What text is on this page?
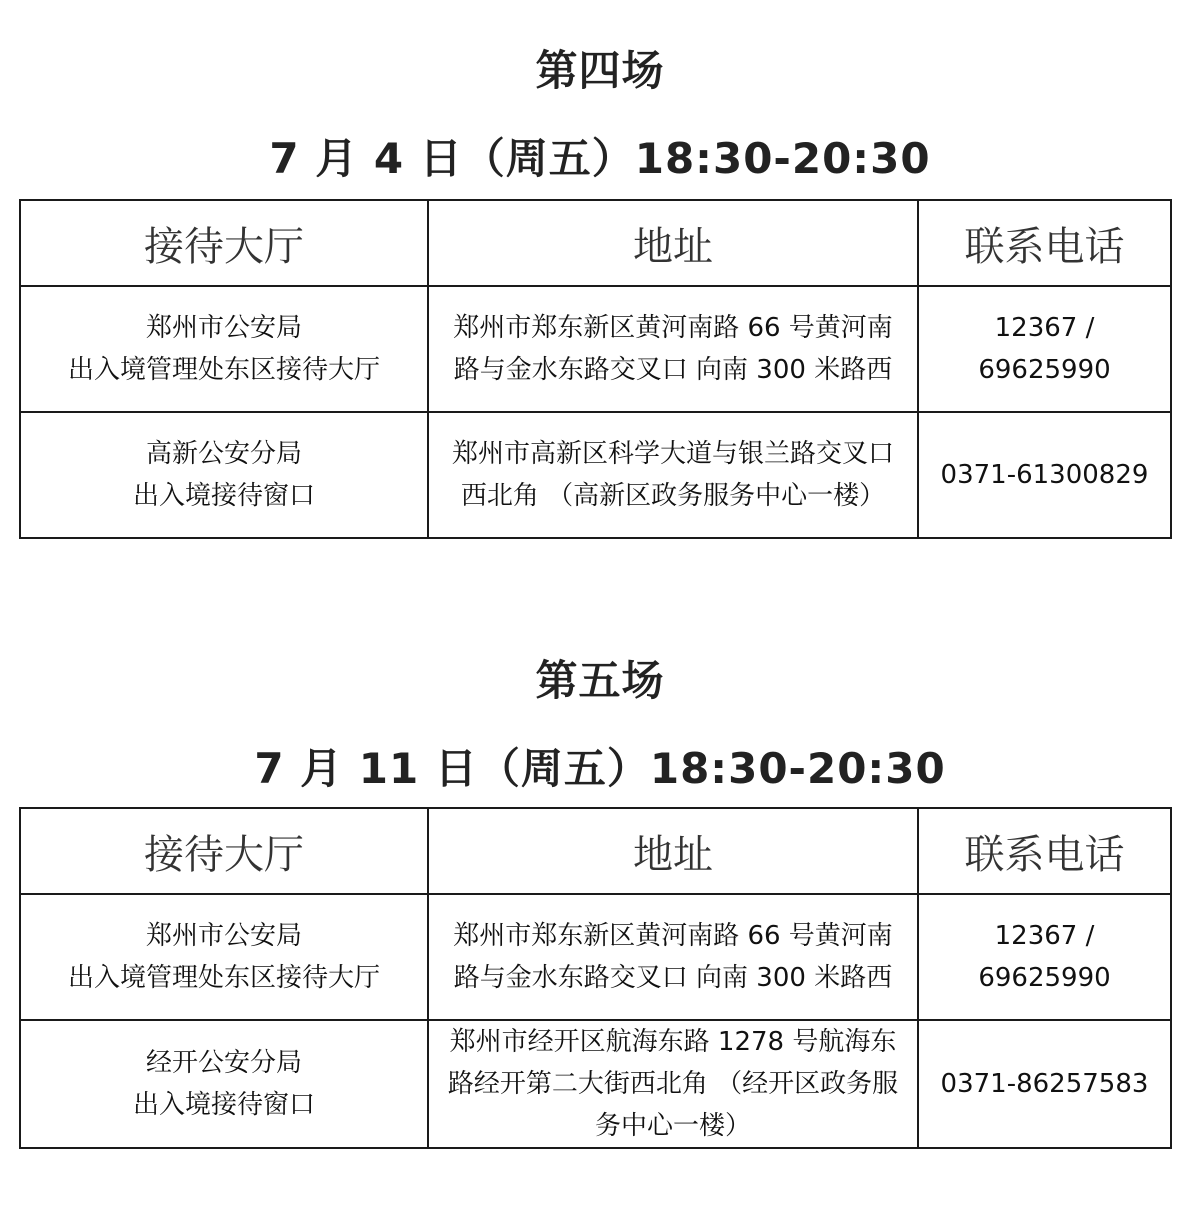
第四场
7 月 4 日（周五）18:30-20:30
接待大厅	地址	联系电话

郑州市公安局
出入境管理处东区接待大厅	郑州市郑东新区黄河南路 66 号黄河南路与金水东路交叉口 向南 300 米路西	12367 / 69625990

高新公安分局
出入境接待窗口	郑州市高新区科学大道与银兰路交叉口西北角 （高新区政务服务中心一楼）	0371-61300829
第五场
7 月 11 日（周五）18:30-20:30
接待大厅	地址	联系电话

郑州市公安局
出入境管理处东区接待大厅	郑州市郑东新区黄河南路 66 号黄河南路与金水东路交叉口 向南 300 米路西	12367 / 69625990

经开公安分局
出入境接待窗口	郑州市经开区航海东路 1278 号航海东路经开第二大街西北角 （经开区政务服务中心一楼）	0371-86257583
